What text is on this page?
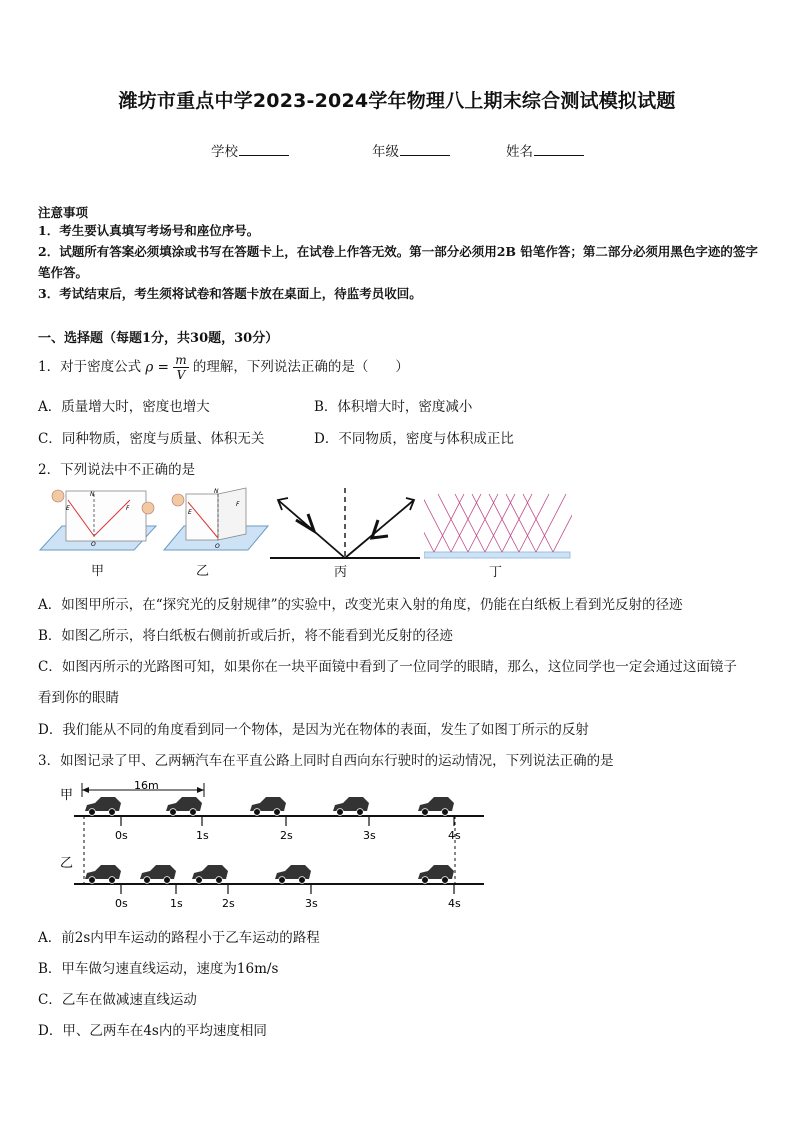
潍坊市重点中学2023-2024学年物理八上期末综合测试模拟试题
学校	年级	姓名
注意事项
1．考生要认真填写考场号和座位序号。
2．试题所有答案必须填涂或书写在答题卡上，在试卷上作答无效。第一部分必须用2B 铅笔作答；第二部分必须用黑色字迹的签字笔作答。
3．考试结束后，考生须将试卷和答题卡放在桌面上，待监考员收回。
一、选择题（每题1分，共30题，30分）
1．对于密度公式 $\rho = \frac{m}{V}$ 的理解，下列说法正确的是（　　）
A．质量增大时，密度也增大	B．体积增大时，密度减小
C．同种物质，密度与质量、体积无关	D．不同物质，密度与体积成正比
2．下列说法中不正确的是
N
O
E	F
甲
N
O
E
F
乙	丙	丁
A．如图甲所示，在“探究光的反射规律”的实验中，改变光束入射的角度，仍能在白纸板上看到光反射的径迹
B．如图乙所示，将白纸板右侧前折或后折，将不能看到光反射的径迹
C．如图丙所示的光路图可知，如果你在一块平面镜中看到了一位同学的眼睛，那么，这位同学也一定会通过这面镜子
看到你的眼睛
D．我们能从不同的角度看到同一个物体，是因为光在物体的表面，发生了如图丁所示的反射
3．如图记录了甲、乙两辆汽车在平直公路上同时自西向东行驶时的运动情况，下列说法正确的是
甲
乙
16m
0s	1s	2s	3s	4s
0s	1s	2s	3s	4s
A．前2s内甲车运动的路程小于乙车运动的路程
B．甲车做匀速直线运动，速度为16m/s
C．乙车在做减速直线运动
D．甲、乙两车在4s内的平均速度相同
